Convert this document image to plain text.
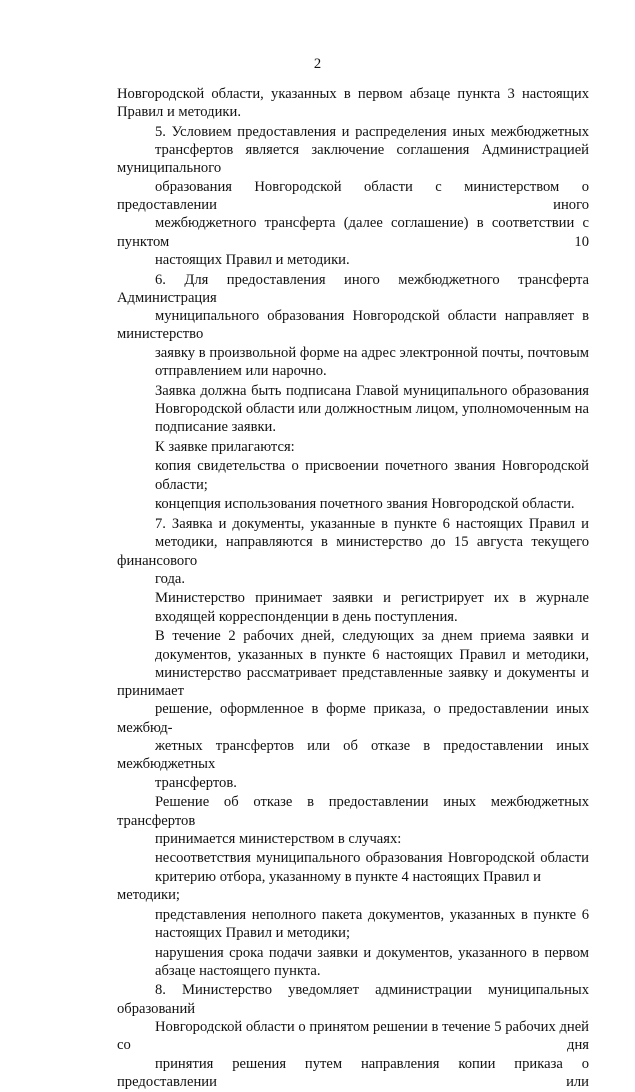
2
Новгородской области, указанных в первом абзаце пункта 3 настоящих
Правил и методики.
5. Условием предоставления и распределения иных межбюджетных
трансфертов является заключение соглашения Администрацией муниципального
образования Новгородской области с министерством о предоставлении иного
межбюджетного трансферта (далее соглашение) в соответствии с пунктом 10
настоящих Правил и методики.
6. Для предоставления иного межбюджетного трансферта Администрация
муниципального образования Новгородской области направляет в министерство
заявку в произвольной форме на адрес электронной почты, почтовым
отправлением или нарочно.
Заявка должна быть подписана Главой муниципального образования
Новгородской области или должностным лицом, уполномоченным на
подписание заявки.
К заявке прилагаются:
копия свидетельства о присвоении почетного звания Новгородской
области;
концепция использования почетного звания Новгородской области.
7. Заявка и документы, указанные в пункте 6 настоящих Правил и
методики, направляются в министерство до 15 августа текущего финансового
года.
Министерство принимает заявки и регистрирует их в журнале
входящей корреспонденции в день поступления.
В течение 2 рабочих дней, следующих за днем приема заявки и
документов, указанных в пункте 6 настоящих Правил и методики,
министерство рассматривает представленные заявку и документы и принимает
решение, оформленное в форме приказа, о предоставлении иных межбюд-
жетных трансфертов или об отказе в предоставлении иных межбюджетных
трансфертов.
Решение об отказе в предоставлении иных межбюджетных трансфертов
принимается министерством в случаях:
несоответствия муниципального образования Новгородской области
критерию отбора, указанному в пункте 4 настоящих Правил и методики;
представления неполного пакета документов, указанных в пункте 6
настоящих Правил и методики;
нарушения срока подачи заявки и документов, указанного в первом
абзаце настоящего пункта.
8. Министерство уведомляет администрации муниципальных образований
Новгородской области о принятом решении в течение 5 рабочих дней со дня
принятия решения путем направления копии приказа о предоставлении или
